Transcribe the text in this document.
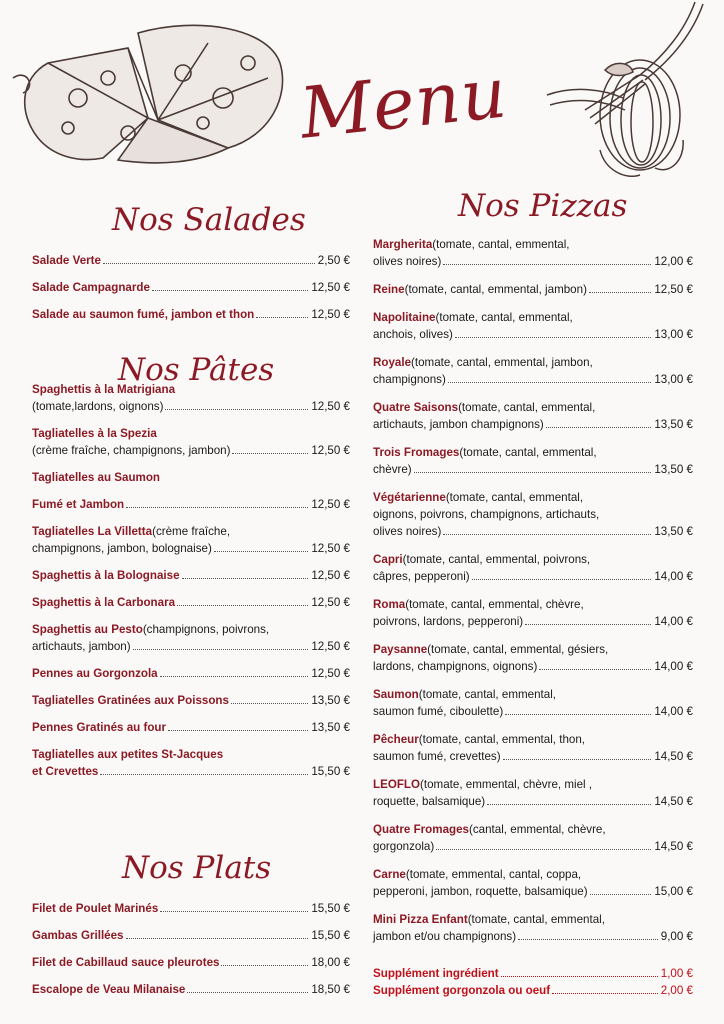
Menu
Nos Salades
Nos Pâtes
Nos Plats
Nos Pizzas
Salade Verte	2,50 €
Salade Campagnarde	12,50 €
Salade au saumon fumé, jambon et thon	12,50 €
Spaghettis à la Matrigiana
(tomate,lardons, oignons)	12,50 €
Tagliatelles à la Spezia
(crème fraîche, champignons, jambon)	12,50 €
Tagliatelles au Saumon
Fumé et Jambon	12,50 €
Tagliatelles La Villetta (crème fraîche,
champignons, jambon, bolognaise)	12,50 €
Spaghettis à la Bolognaise	12,50 €
Spaghettis à la Carbonara	12,50 €
Spaghettis au Pesto (champignons, poivrons,
artichauts, jambon)	12,50 €
Pennes au Gorgonzola	12,50 €
Tagliatelles Gratinées aux Poissons	13,50 €
Pennes Gratinés au four	13,50 €
Tagliatelles aux petites St-Jacques
et Crevettes	15,50 €
Filet de Poulet Marinés	15,50 €
Gambas Grillées	15,50 €
Filet de Cabillaud sauce pleurotes	18,00 €
Escalope de Veau Milanaise	18,50 €
Margherita (tomate, cantal, emmental,
olives noires)	12,00 €
Reine (tomate, cantal, emmental, jambon)	12,50 €
Napolitaine (tomate, cantal, emmental,
anchois, olives)	13,00 €
Royale (tomate, cantal, emmental, jambon,
champignons)	13,00 €
Quatre Saisons (tomate, cantal, emmental,
artichauts, jambon champignons)	13,50 €
Trois Fromages (tomate, cantal, emmental,
chèvre)	13,50 €
Végétarienne (tomate, cantal, emmental,
oignons, poivrons, champignons, artichauts,
olives noires)	13,50 €
Capri (tomate, cantal, emmental, poivrons,
câpres, pepperoni)	14,00 €
Roma (tomate, cantal, emmental, chèvre,
poivrons, lardons, pepperoni)	14,00 €
Paysanne (tomate, cantal, emmental, gésiers,
lardons, champignons, oignons)	14,00 €
Saumon (tomate, cantal, emmental,
saumon fumé, ciboulette)	14,00 €
Pêcheur (tomate, cantal, emmental, thon,
saumon fumé, crevettes)	14,50 €
LEOFLO (tomate, emmental, chèvre, miel ,
roquette, balsamique)	14,50 €
Quatre Fromages (cantal, emmental, chèvre,
gorgonzola)	14,50 €
Carne (tomate, emmental, cantal, coppa,
pepperoni, jambon, roquette, balsamique)	15,00 €
Mini Pizza Enfant (tomate, cantal, emmental,
jambon et/ou champignons)	9,00 €
Supplément ingrédient	1,00 €
Supplément gorgonzola ou oeuf	2,00 €
